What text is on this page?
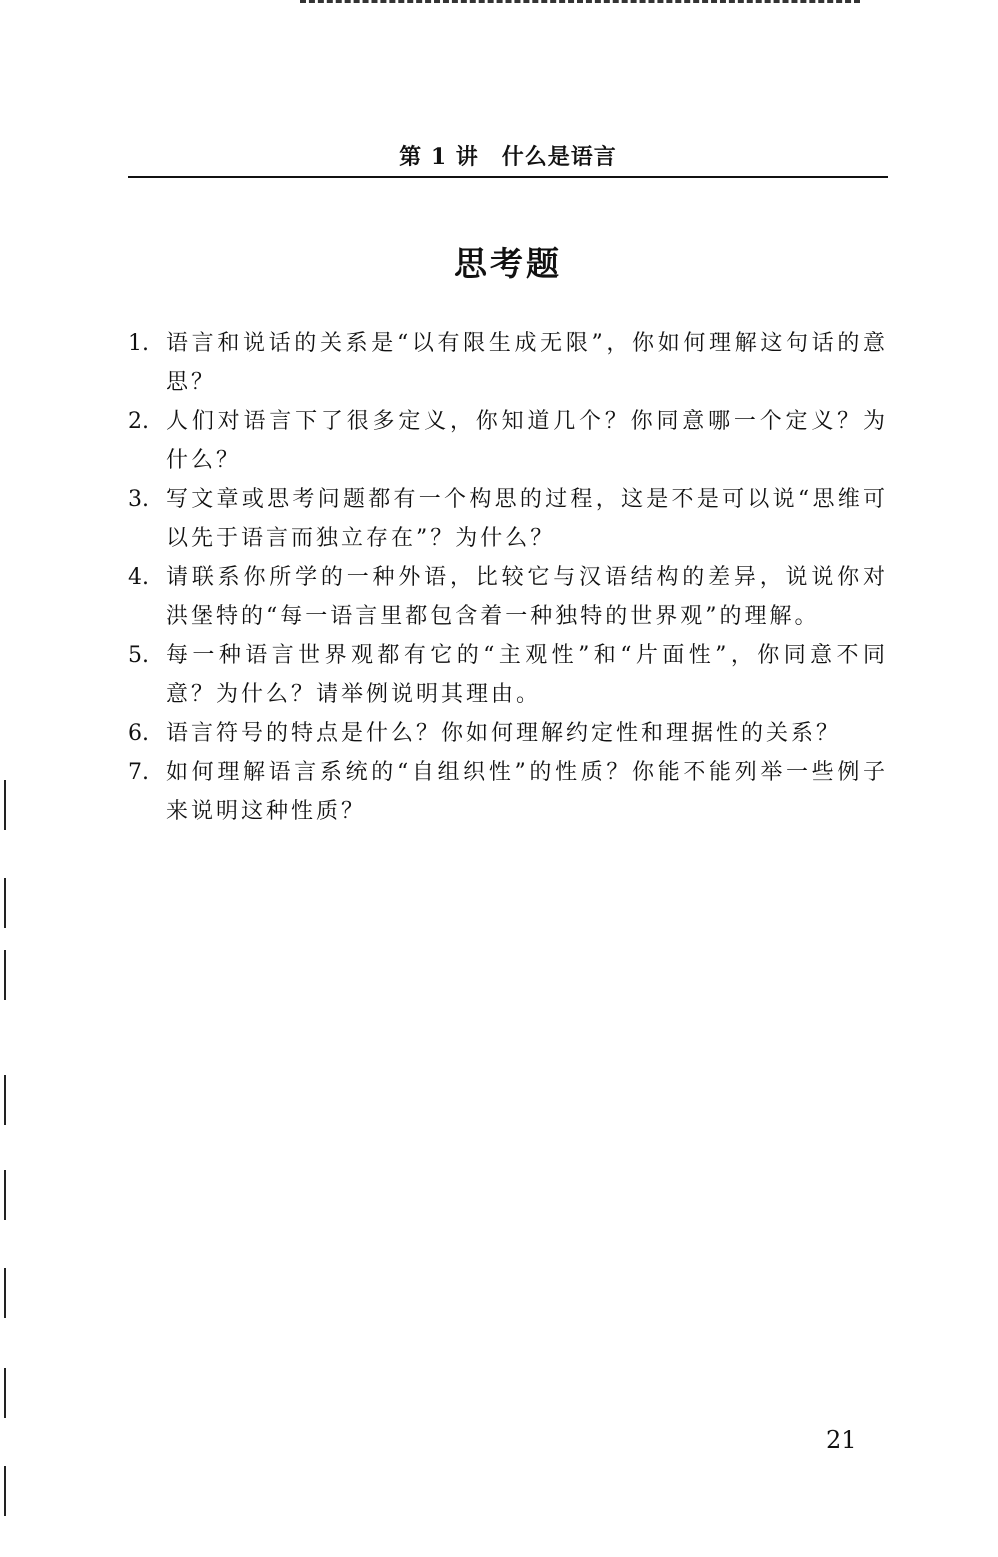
第 1 讲　什么是语言
思考题
1. 语言和说话的关系是“以有限生成无限”，你如何理解这句话的意思？
2. 人们对语言下了很多定义，你知道几个？你同意哪一个定义？为什么？
3. 写文章或思考问题都有一个构思的过程，这是不是可以说“思维可以先于语言而独立存在”？为什么？
4. 请联系你所学的一种外语，比较它与汉语结构的差异，说说你对洪堡特的“每一语言里都包含着一种独特的世界观”的理解。
5. 每一种语言世界观都有它的“主观性”和“片面性”，你同意不同意？为什么？请举例说明其理由。
6. 语言符号的特点是什么？你如何理解约定性和理据性的关系？
7. 如何理解语言系统的“自组织性”的性质？你能不能列举一些例子来说明这种性质？
21
